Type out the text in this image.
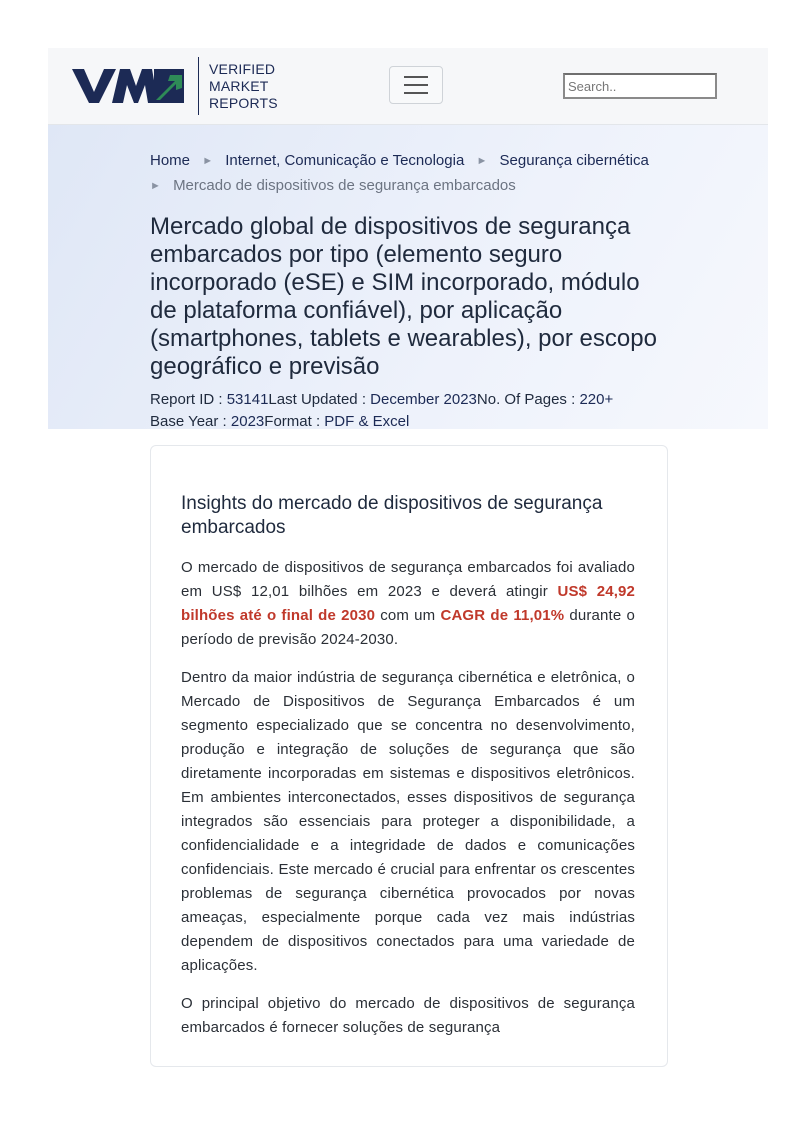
VERIFIED
MARKET
REPORTS
Search..
Home ► Internet, Comunicação e Tecnologia ► Segurança cibernética
► Mercado de dispositivos de segurança embarcados
Mercado global de dispositivos de segurança embarcados por tipo (elemento seguro incorporado (eSE) e SIM incorporado, módulo de plataforma confiável), por aplicação (smartphones, tablets e wearables), por escopo geográfico e previsão
Report ID : 53141Last Updated : December 2023No. Of Pages : 220+
Base Year : 2023Format : PDF & Excel
Insights do mercado de dispositivos de segurança embarcados

O mercado de dispositivos de segurança embarcados foi avaliado em US$ 12,01 bilhões em 2023 e deverá atingir US$ 24,92 bilhões até o final de 2030 com um CAGR de 11,01% durante o período de previsão 2024-2030.

Dentro da maior indústria de segurança cibernética e eletrônica, o Mercado de Dispositivos de Segurança Embarcados é um segmento especializado que se concentra no desenvolvimento, produção e integração de soluções de segurança que são diretamente incorporadas em sistemas e dispositivos eletrônicos. Em ambientes interconectados, esses dispositivos de segurança integrados são essenciais para proteger a disponibilidade, a confidencialidade e a integridade de dados e comunicações confidenciais. Este mercado é crucial para enfrentar os crescentes problemas de segurança cibernética provocados por novas ameaças, especialmente porque cada vez mais indústrias dependem de dispositivos conectados para uma variedade de aplicações.

O principal objetivo do mercado de dispositivos de segurança embarcados é fornecer soluções de segurança
